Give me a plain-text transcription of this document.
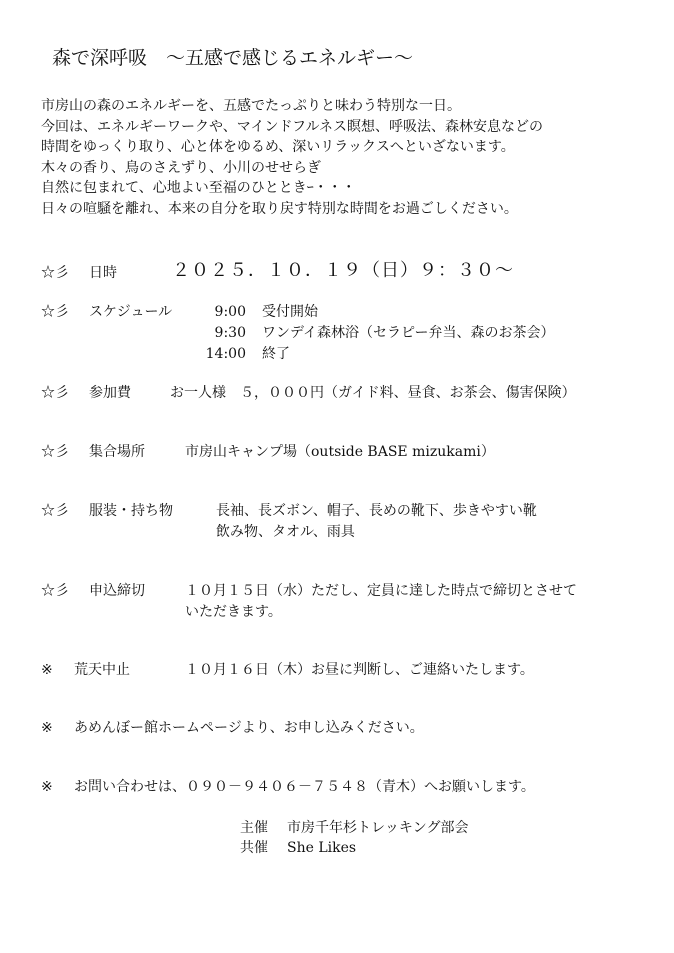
森で深呼吸　～五感で感じるエネルギー～
市房山の森のエネルギーを、五感でたっぷりと味わう特別な一日。
今回は、エネルギーワークや、マインドフルネス瞑想、呼吸法、森林安息などの
時間をゆっくり取り、心と体をゆるめ、深いリラックスへといざないます。
木々の香り、鳥のさえずり、小川のせせらぎ
自然に包まれて、心地よい至福のひとときｰ・・・
日々の喧騒を離れ、本来の自分を取り戻す特別な時間をお過ごしください。
☆彡 日時	２０２５．１０．１９（日）９：３０～
☆彡 スケジュール	9:00 受付開始
9:30 ワンデイ森林浴（セラピー弁当、森のお茶会）
14:00 終了
☆彡 参加費	お一人様　５，０００円（ガイド料、昼食、お茶会、傷害保険）
☆彡 集合場所	市房山キャンプ場（outside BASE mizukami）
☆彡 服装・持ち物	長袖、長ズボン、帽子、長めの靴下、歩きやすい靴
飲み物、タオル、雨具
☆彡 申込締切	１０月１５日（水）ただし、定員に達した時点で締切とさせて
いただきます。
※ 荒天中止	１０月１６日（木）お昼に判断し、ご連絡いたします。
※ あめんぼー館ホームページより、お申し込みください。
※ お問い合わせは、０９０－９４０６－７５４８（青木）へお願いします。
主催 市房千年杉トレッキング部会
共催 She Likes
